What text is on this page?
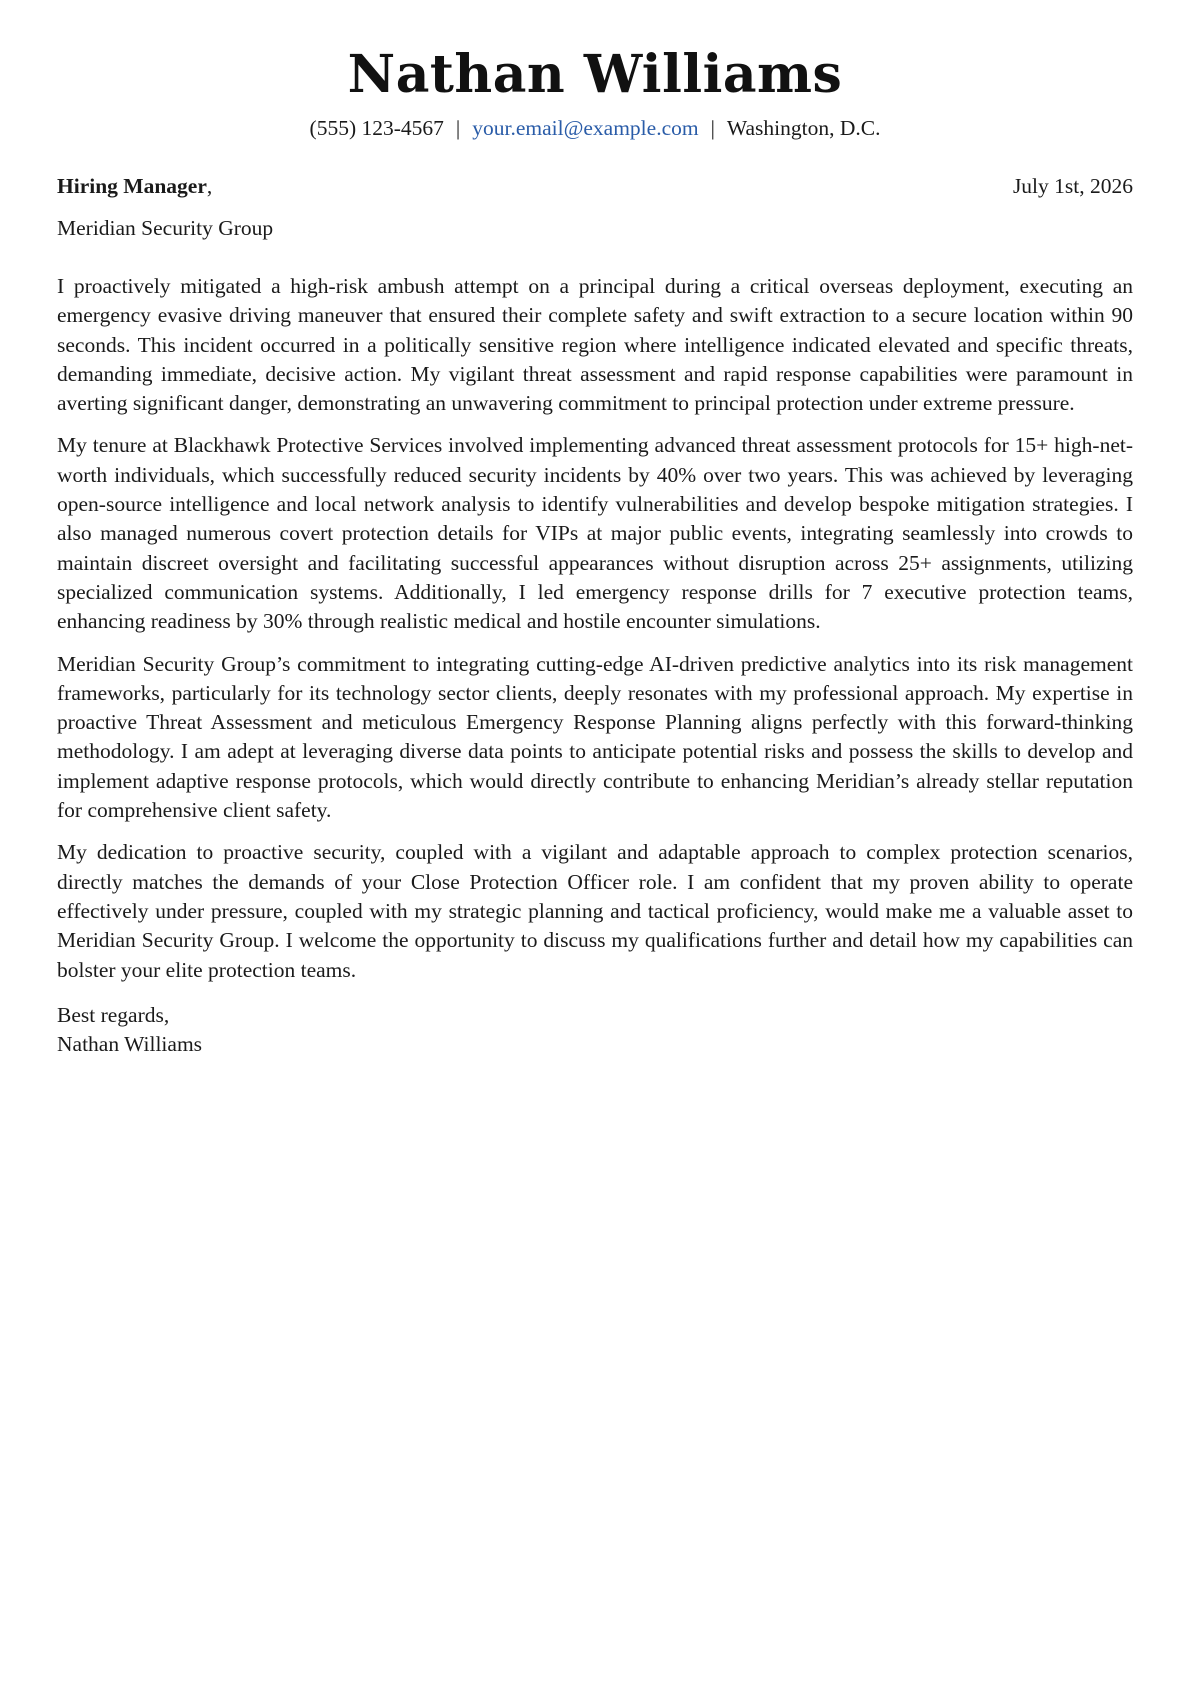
Nathan Williams
(555) 123-4567 | your.email@example.com | Washington, D.C.
Hiring Manager,	July 1st, 2026
Meridian Security Group

I proactively mitigated a high-risk ambush attempt on a principal during a critical overseas deployment, executing an emergency evasive driving maneuver that ensured their complete safety and swift extraction to a secure location within 90 seconds. This incident occurred in a politically sensitive region where intelligence indicated elevated and specific threats, demanding immediate, decisive action. My vigilant threat assessment and rapid response capabilities were paramount in averting significant danger, demonstrating an unwavering commitment to principal protection under extreme pressure.

My tenure at Blackhawk Protective Services involved implementing advanced threat assessment protocols for 15+ high-net-worth individuals, which successfully reduced security incidents by 40% over two years. This was achieved by leveraging open-source intelligence and local network analysis to identify vulnerabilities and develop bespoke mitigation strategies. I also managed numerous covert protection details for VIPs at major public events, integrating seamlessly into crowds to maintain discreet oversight and facilitating successful appearances without disruption across 25+ assignments, utilizing specialized communication systems. Additionally, I led emergency response drills for 7 executive protection teams, enhancing readiness by 30% through realistic medical and hostile encounter simulations.

Meridian Security Group’s commitment to integrating cutting-edge AI-driven predictive analytics into its risk management frameworks, particularly for its technology sector clients, deeply resonates with my professional approach. My expertise in proactive Threat Assessment and meticulous Emergency Response Planning aligns perfectly with this forward-thinking methodology. I am adept at leveraging diverse data points to anticipate potential risks and possess the skills to develop and implement adaptive response protocols, which would directly contribute to enhancing Meridian’s already stellar reputation for comprehensive client safety.

My dedication to proactive security, coupled with a vigilant and adaptable approach to complex protection scenarios, directly matches the demands of your Close Protection Officer role. I am confident that my proven ability to operate effectively under pressure, coupled with my strategic planning and tactical proficiency, would make me a valuable asset to Meridian Security Group. I welcome the opportunity to discuss my qualifications further and detail how my capabilities can bolster your elite protection teams.

Best regards,
Nathan Williams
